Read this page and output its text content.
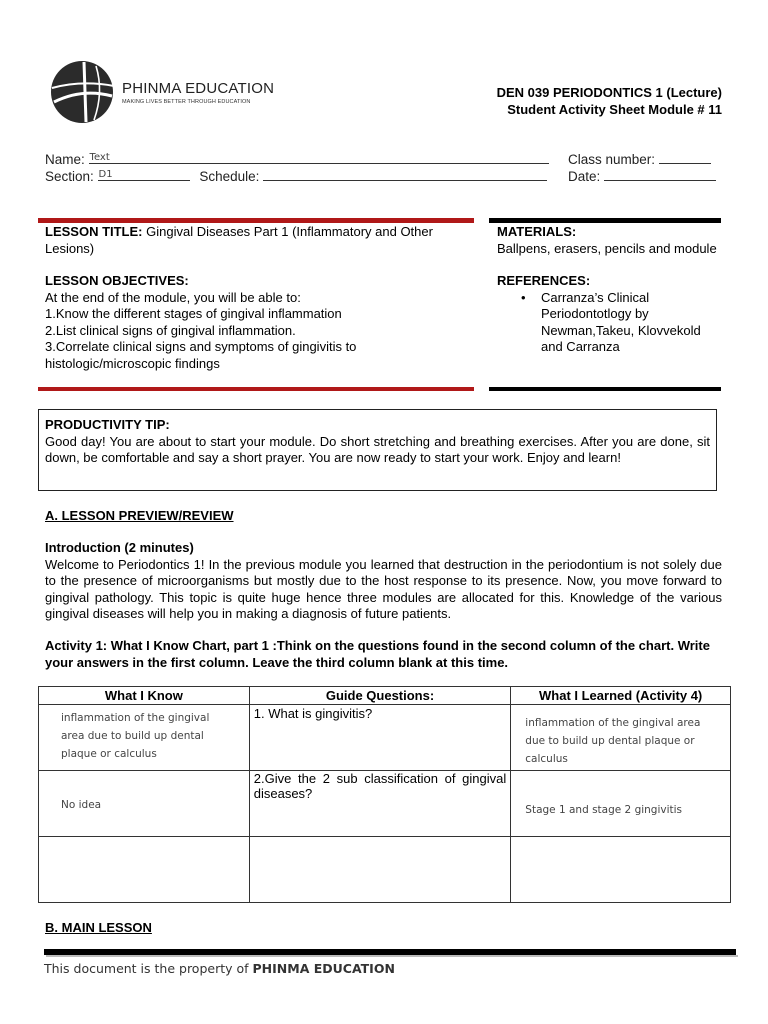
PHINMA EDUCATION
MAKING LIVES BETTER THROUGH EDUCATION
DEN 039 PERIODONTICS 1 (Lecture)
Student Activity Sheet Module # 11
Name: Text
Section: D1	Schedule:
Class number:
Date:
LESSON TITLE: Gingival Diseases Part 1 (Inflammatory and Other Lesions)
LESSON OBJECTIVES:
At the end of the module, you will be able to:
1.Know the different stages of gingival inflammation
2.List clinical signs of gingival inflammation.
3.Correlate clinical signs and symptoms of gingivitis to histologic/microscopic findings
MATERIALS:
Ballpens, erasers, pencils and module
REFERENCES:
• Carranza’s Clinical Periodontotlogy by Newman,Takeu, Klovvekold and Carranza
PRODUCTIVITY TIP:
Good day! You are about to start your module. Do short stretching and breathing exercises. After you are done, sit down, be comfortable and say a short prayer. You are now ready to start your work. Enjoy and learn!
A. LESSON PREVIEW/REVIEW
Introduction (2 minutes)
Welcome to Periodontics 1! In the previous module you learned that destruction in the periodontium is not solely due to the presence of microorganisms but mostly due to the host response to its presence. Now, you move forward to gingival pathology. This topic is quite huge hence three modules are allocated for this. Knowledge of the various gingival diseases will help you in making a diagnosis of future patients.
Activity 1: What I Know Chart, part 1 :Think on the questions found in the second column of the chart. Write your answers in the first column. Leave the third column blank at this time.
What I Know	Guide Questions:	What I Learned (Activity 4)

inflammation of the gingival area due to build up dental plaque or calculus	1. What is gingivitis?	inflammation of the gingival area due to build up dental plaque or calculus

No idea	2.Give the 2 sub classification of gingival diseases?	Stage 1 and stage 2 gingivitis

B. MAIN LESSON
This document is the property of PHINMA EDUCATION
